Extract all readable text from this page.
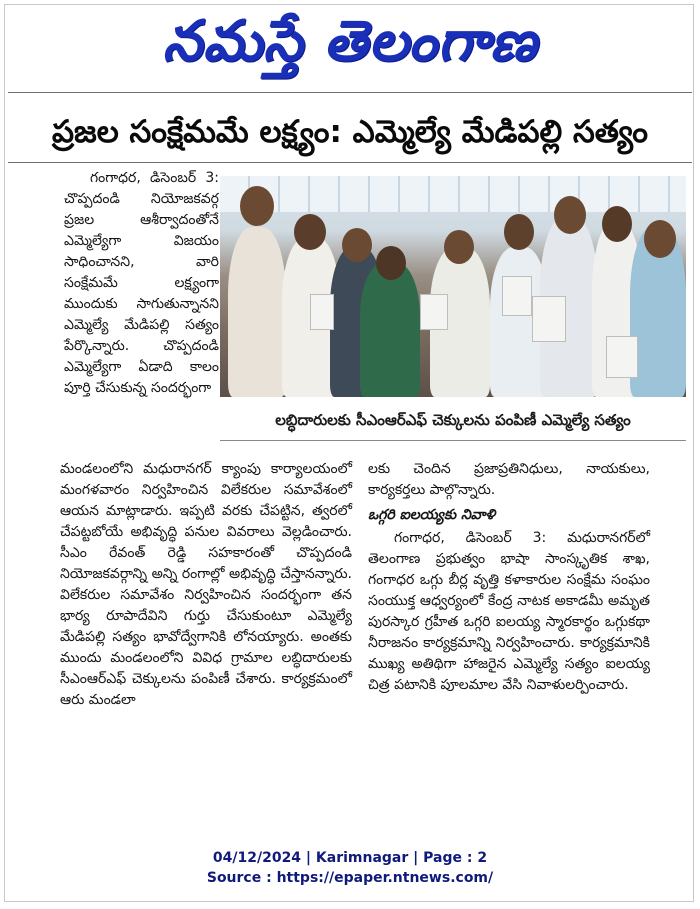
నమస్తే తెలంగాణ
ప్రజల సంక్షేమమే లక్ష్యం: ఎమ్మెల్యే మేడిపల్లి సత్యం

గంగాధర, డిసెంబర్ 3: చొప్పదండి నియోజకవర్గ ప్రజల ఆశీర్వాదంతోనే ఎమ్మెల్యేగా విజయం సాధించానని, వారి సంక్షేమమే లక్ష్యంగా ముందుకు సాగుతున్నానని ఎమ్మెల్యే మేడిపల్లి సత్యం పేర్కొన్నారు. చొప్పదండి ఎమ్మెల్యేగా ఏడాది కాలం పూర్తి చేసుకున్న సందర్భంగా

లబ్ధిదారులకు సీఎంఆర్ఎఫ్ చెక్కులను పంపిణీ ఎమ్మెల్యే సత్యం

మండలంలోని మధురానగర్ క్యాంపు కార్యాలయంలో మంగళవారం నిర్వహించిన విలేకరుల సమావేశంలో ఆయన మాట్లాడారు. ఇప్పటి వరకు చేపట్టిన, త్వరలో చేపట్టబోయే అభివృద్ధి పనుల వివరాలు వెల్లడించారు. సీఎం రేవంత్ రెడ్డి సహకారంతో చొప్పదండి నియోజకవర్గాన్ని అన్ని రంగాల్లో అభివృద్ధి చేస్తానన్నారు. విలేకరుల సమావేశం నిర్వహించిన సందర్భంగా తన భార్య రూపాదేవిని గుర్తు చేసుకుంటూ ఎమ్మెల్యే మేడిపల్లి సత్యం భావోద్వేగానికి లోనయ్యారు. అంతకు ముందు మండలంలోని వివిధ గ్రామాల లబ్ధిదారులకు సీఎంఆర్ఎఫ్ చెక్కులను పంపిణీ చేశారు. కార్యక్రమంలో ఆరు మండలా

లకు చెందిన ప్రజాప్రతినిధులు, నాయకులు, కార్యకర్తలు పాల్గొన్నారు.

ఒగ్గరి ఐలయ్యకు నివాళి

గంగాధర, డిసెంబర్ 3: మధురానగర్‌లో తెలంగాణ ప్రభుత్వం భాషా సాంస్కృతిక శాఖ, గంగాధర ఒగ్గు బీర్ల వృత్తి కళాకారుల సంక్షేమ సంఘం సంయుక్త ఆధ్వర్యంలో కేంద్ర నాటక అకాడమీ అమృత పురస్కార గ్రహీత ఒగ్గరి ఐలయ్య స్మారకార్థం ఒగ్గుకథా నీరాజనం కార్యక్రమాన్ని నిర్వహించారు. కార్యక్రమానికి ముఖ్య అతిథిగా హాజరైన ఎమ్మెల్యే సత్యం ఐలయ్య చిత్ర పటానికి పూలమాల వేసి నివాళులర్పించారు.

04/12/2024 | Karimnagar | Page : 2
Source : https://epaper.ntnews.com/
